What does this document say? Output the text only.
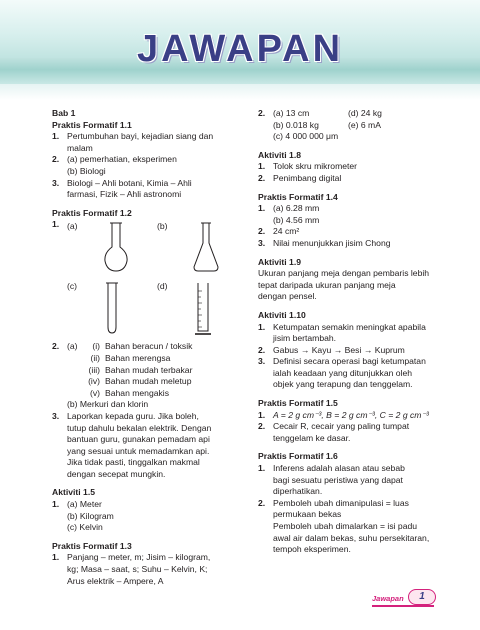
JAWAPAN
Bab 1
Praktis Formatif 1.1
1. Pertumbuhan bayi, kejadian siang dan
malam
2. (a) pemerhatian, eksperimen
(b) Biologi
3. Biologi – Ahli botani, Kimia – Ahli
farmasi, Fizik – Ahli astronomi
Praktis Formatif 1.2
1. (a)	(b)
(c)	(d)
2. (a)	(i) Bahan beracun / toksik
(ii) Bahan merengsa
(iii) Bahan mudah terbakar
(iv) Bahan mudah meletup
(v) Bahan mengakis
(b) Merkuri dan klorin
3. Laporkan kepada guru. Jika boleh,
tutup dahulu bekalan elektrik. Dengan
bantuan guru, gunakan pemadam api
yang sesuai untuk memadamkan api.
Jika tidak pasti, tinggalkan makmal
dengan secepat mungkin.
Aktiviti 1.5
1. (a) Meter
(b) Kilogram
(c) Kelvin
Praktis Formatif 1.3
1. Panjang – meter, m; Jisim – kilogram,
kg; Masa – saat, s; Suhu – Kelvin, K;
Arus elektrik – Ampere, A
2. (a) 13 cm	(d) 24 kg
(b) 0.018 kg	(e) 6 mA
(c) 4 000 000 μm
Aktiviti 1.8
1. Tolok skru mikrometer
2. Penimbang digital
Praktis Formatif 1.4
1. (a) 6.28 mm
(b) 4.56 mm
2. 24 cm²
3. Nilai menunjukkan jisim Chong
Aktiviti 1.9
Ukuran panjang meja dengan pembaris lebih
tepat daripada ukuran panjang meja
dengan pensel.
Aktiviti 1.10
1. Ketumpatan semakin meningkat apabila
jisim bertambah.
2. Gabus → Kayu → Besi → Kuprum
3. Definisi secara operasi bagi ketumpatan
ialah keadaan yang ditunjukkan oleh
objek yang terapung dan tenggelam.
Praktis Formatif 1.5
1. A = 2 g cm⁻³, B = 2 g cm⁻³, C = 2 g cm⁻³
2. Cecair R, cecair yang paling tumpat
tenggelam ke dasar.
Praktis Formatif 1.6
1. Inferens adalah alasan atau sebab
bagi sesuatu peristiwa yang dapat
diperhatikan.
2. Pemboleh ubah dimanipulasi = luas
permukaan bekas
Pemboleh ubah dimalarkan = isi padu
awal air dalam bekas, suhu persekitaran,
tempoh eksperimen.
Jawapan	1
